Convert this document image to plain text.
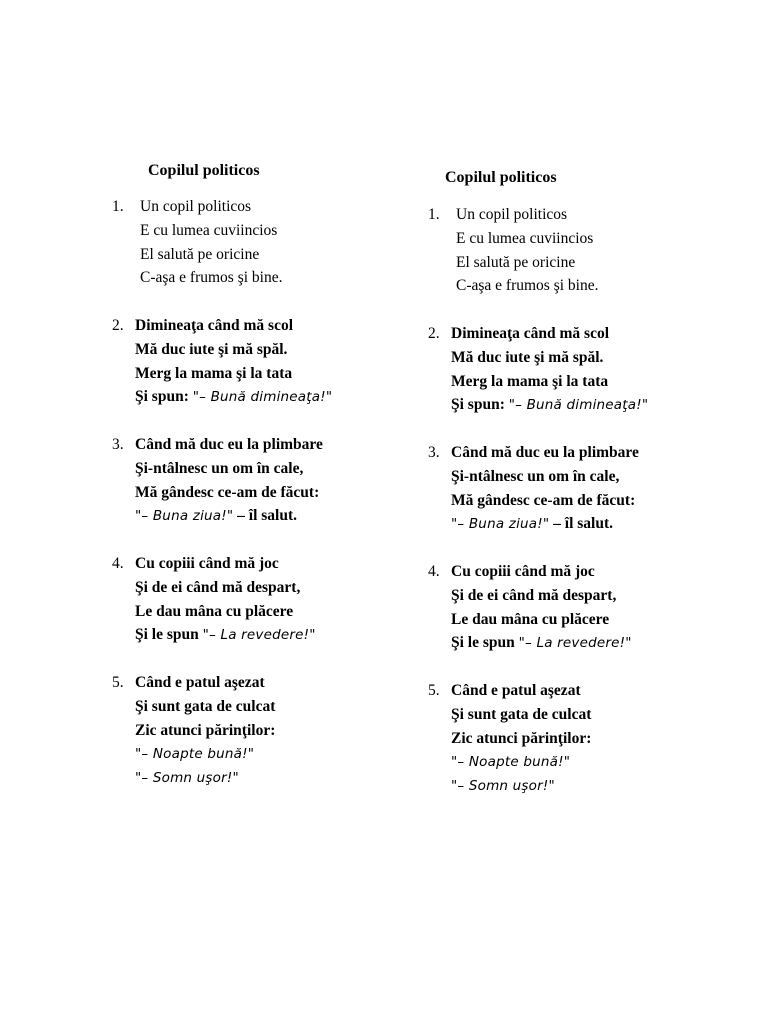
Copilul politicos
1.	Un copil politicos
E cu lumea cuviincios
El salută pe oricine
C-aşa e frumos şi bine.
2. Dimineaţa când mă scol
Mă duc iute şi mă spăl.
Merg la mama şi la tata
Şi spun: "– Bună dimineaţa!"
3. Când mă duc eu la plimbare
Şi-ntâlnesc un om în cale,
Mă gândesc ce-am de făcut:
"– Buna ziua!" – îl salut.
4. Cu copiii când mă joc
Şi de ei când mă despart,
Le dau mâna cu plăcere
Şi le spun "– La revedere!"
5. Când e patul aşezat
Şi sunt gata de culcat
Zic atunci părinţilor:
"– Noapte bună!"
"– Somn uşor!"
Copilul politicos
1.	Un copil politicos
E cu lumea cuviincios
El salută pe oricine
C-aşa e frumos şi bine.
2. Dimineaţa când mă scol
Mă duc iute şi mă spăl.
Merg la mama şi la tata
Şi spun: "– Bună dimineaţa!"
3. Când mă duc eu la plimbare
Şi-ntâlnesc un om în cale,
Mă gândesc ce-am de făcut:
"– Buna ziua!" – îl salut.
4. Cu copiii când mă joc
Şi de ei când mă despart,
Le dau mâna cu plăcere
Şi le spun "– La revedere!"
5. Când e patul aşezat
Şi sunt gata de culcat
Zic atunci părinţilor:
"– Noapte bună!"
"– Somn uşor!"
